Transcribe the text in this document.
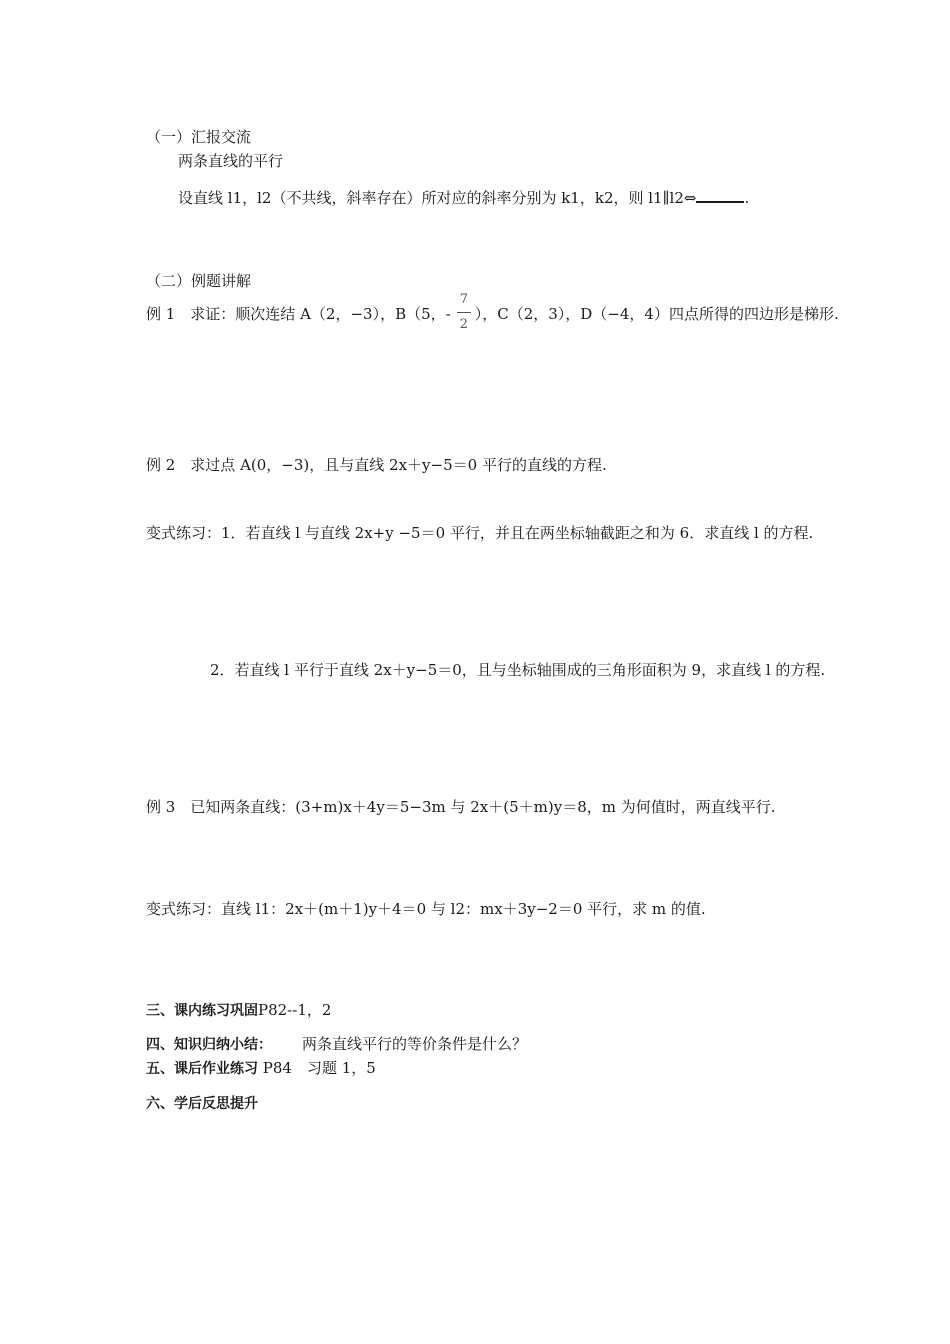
（一）汇报交流
两条直线的平行
设直线 l1，l2（不共线，斜率存在）所对应的斜率分别为 k1，k2，则 l1∥l2⇔	.
（二）例题讲解
例 1　求证：顺次连结 A（2，−3），B（5，- $\frac{7}{2}$ ），C（2，3），D（−4，4）四点所得的四边形是梯形.
例 2　求过点 A(0，−3)，且与直线 2x＋y−5＝0 平行的直线的方程.
变式练习：1．若直线 l 与直线 2x+y −5＝0 平行，并且在两坐标轴截距之和为 6．求直线 l 的方程.
2．若直线 l 平行于直线 2x＋y−5＝0，且与坐标轴围成的三角形面积为 9，求直线 l 的方程.
例 3　已知两条直线：(3+m)x＋4y＝5−3m 与 2x＋(5＋m)y＝8，m 为何值时，两直线平行.
变式练习：直线 l1：2x＋(m＋1)y＋4＝0 与 l2：mx＋3y−2＝0 平行，求 m 的值.
三、课内练习巩固P82--1，2
四、知识归纳小结： 两条直线平行的等价条件是什么？
五、课后作业练习 P84　习题 1，5
六、学后反思提升
